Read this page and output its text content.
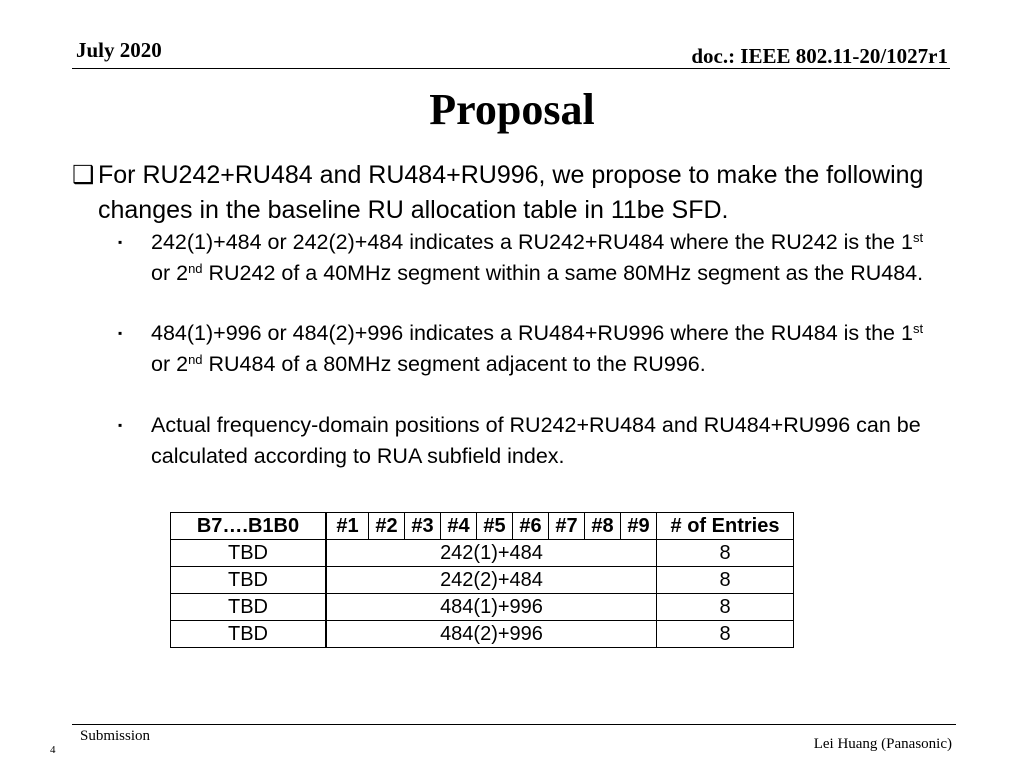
July 2020	doc.: IEEE 802.11-20/1027r1
Proposal
❑ For RU242+RU484 and RU484+RU996, we propose to make the following changes in the baseline RU allocation table in 11be SFD.
▪	242(1)+484 or 242(2)+484 indicates a RU242+RU484 where the RU242 is the 1st or 2nd RU242 of a 40MHz segment within a same 80MHz segment as the RU484.
▪	484(1)+996 or 484(2)+996 indicates a RU484+RU996 where the RU484 is the 1st or 2nd RU484 of a 80MHz segment adjacent to the RU996.
▪	Actual frequency-domain positions of RU242+RU484 and RU484+RU996 can be calculated according to RUA subfield index.
B7….B1B0	#1	#2	#3	#4	#5	#6	#7	#8	#9	# of Entries
TBD	242(1)+484									8
TBD	242(2)+484									8
TBD	484(1)+996									8
TBD	484(2)+996									8
Submission
4	Lei Huang (Panasonic)
